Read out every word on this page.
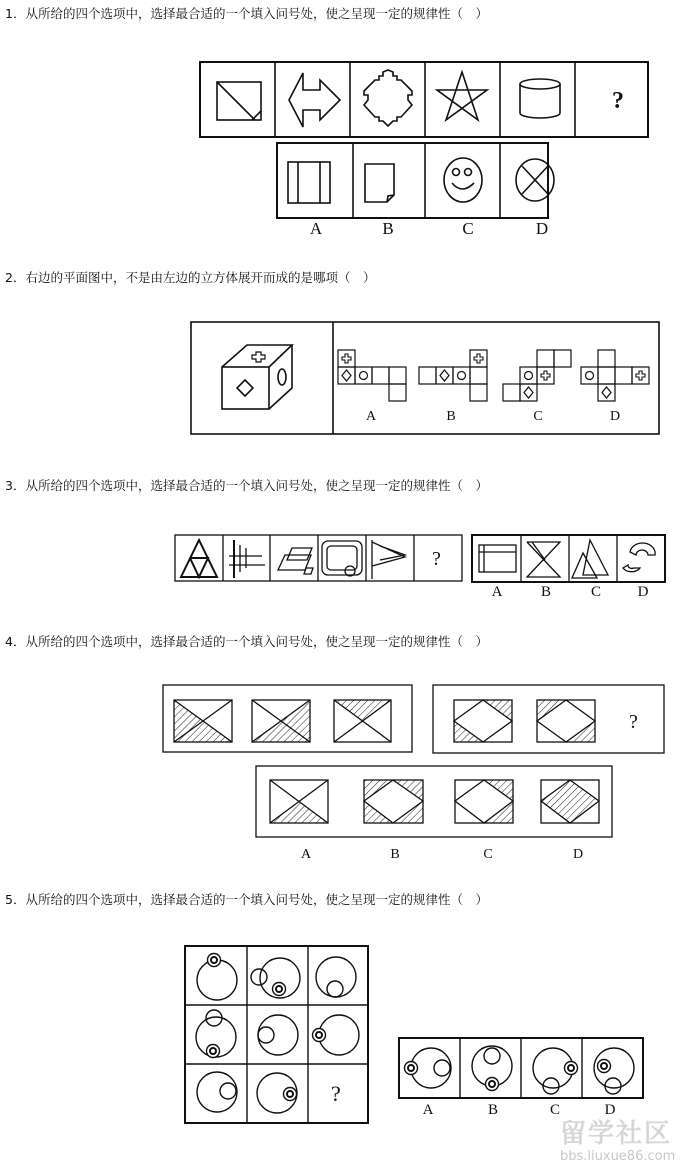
1．从所给的四个选项中，选择最合适的一个填入问号处，使之呈现一定的规律性（　）
2．右边的平面图中，不是由左边的立方体展开而成的是哪项（　）
3．从所给的四个选项中，选择最合适的一个填入问号处，使之呈现一定的规律性（　）
4．从所给的四个选项中，选择最合适的一个填入问号处，使之呈现一定的规律性（　）
5．从所给的四个选项中，选择最合适的一个填入问号处，使之呈现一定的规律性（　）
?
?
?
?
A	B	C	D
A	B	C	D
A	B	C D
A	B	C	D
A	B	C	D
留学社区
bbs.liuxue86.com
